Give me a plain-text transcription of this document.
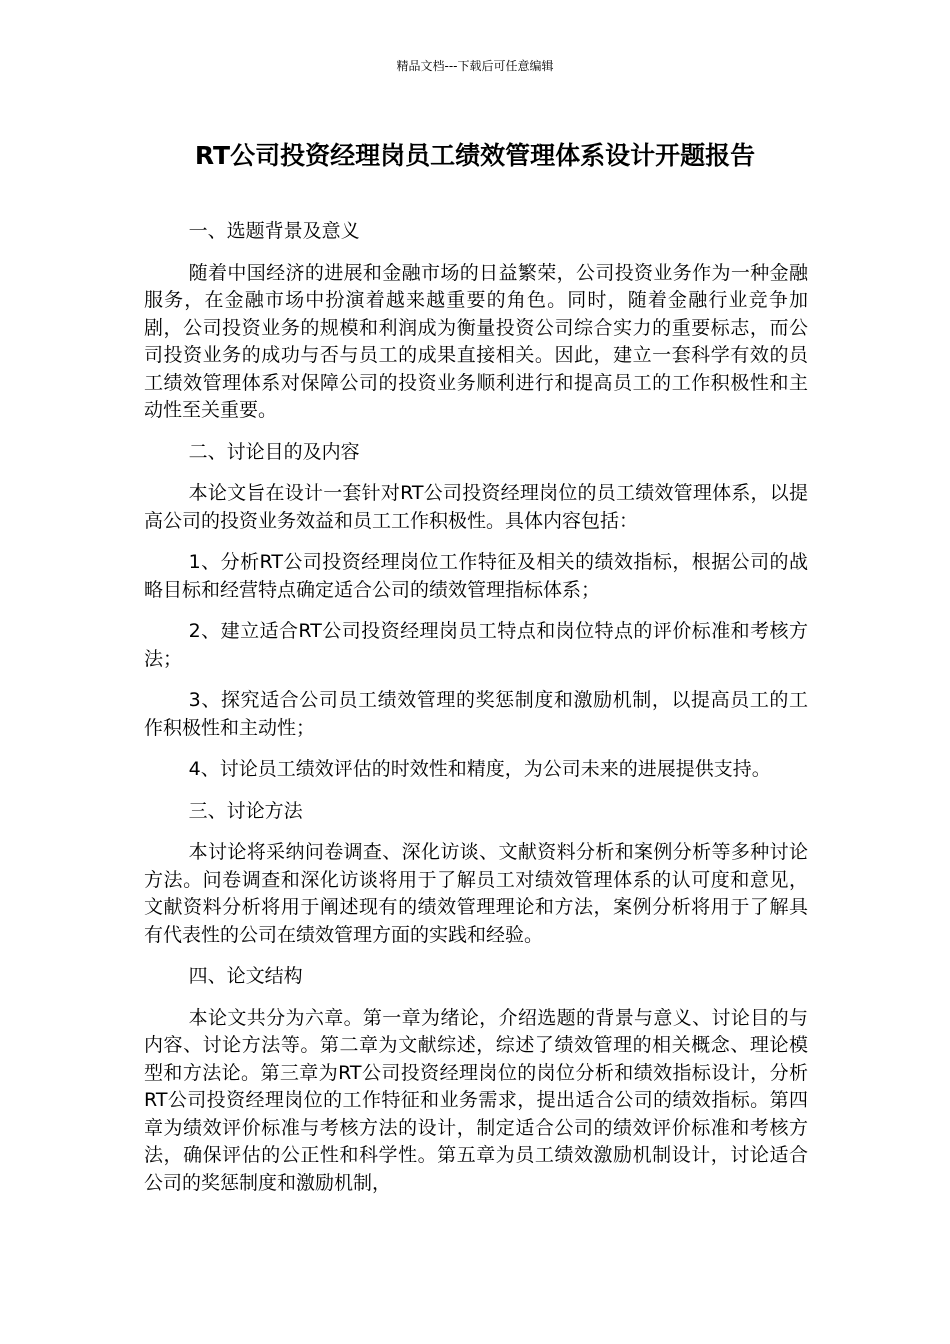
精品文档---下载后可任意编辑
RT公司投资经理岗员工绩效管理体系设计开题报告

一、选题背景及意义

随着中国经济的进展和金融市场的日益繁荣，公司投资业务作为一种金融服务，在金融市场中扮演着越来越重要的角色。同时，随着金融行业竞争加剧，公司投资业务的规模和利润成为衡量投资公司综合实力的重要标志，而公司投资业务的成功与否与员工的成果直接相关。因此，建立一套科学有效的员工绩效管理体系对保障公司的投资业务顺利进行和提高员工的工作积极性和主动性至关重要。

二、讨论目的及内容

本论文旨在设计一套针对RT公司投资经理岗位的员工绩效管理体系，以提高公司的投资业务效益和员工工作积极性。具体内容包括：

1、分析RT公司投资经理岗位工作特征及相关的绩效指标，根据公司的战略目标和经营特点确定适合公司的绩效管理指标体系；

2、建立适合RT公司投资经理岗员工特点和岗位特点的评价标准和考核方法；

3、探究适合公司员工绩效管理的奖惩制度和激励机制，以提高员工的工作积极性和主动性；

4、讨论员工绩效评估的时效性和精度，为公司未来的进展提供支持。

三、讨论方法

本讨论将采纳问卷调查、深化访谈、文献资料分析和案例分析等多种讨论方法。问卷调查和深化访谈将用于了解员工对绩效管理体系的认可度和意见，文献资料分析将用于阐述现有的绩效管理理论和方法，案例分析将用于了解具有代表性的公司在绩效管理方面的实践和经验。

四、论文结构

本论文共分为六章。第一章为绪论，介绍选题的背景与意义、讨论目的与内容、讨论方法等。第二章为文献综述，综述了绩效管理的相关概念、理论模型和方法论。第三章为RT公司投资经理岗位的岗位分析和绩效指标设计，分析RT公司投资经理岗位的工作特征和业务需求，提出适合公司的绩效指标。第四章为绩效评价标准与考核方法的设计，制定适合公司的绩效评价标准和考核方法，确保评估的公正性和科学性。第五章为员工绩效激励机制设计，讨论适合公司的奖惩制度和激励机制，
